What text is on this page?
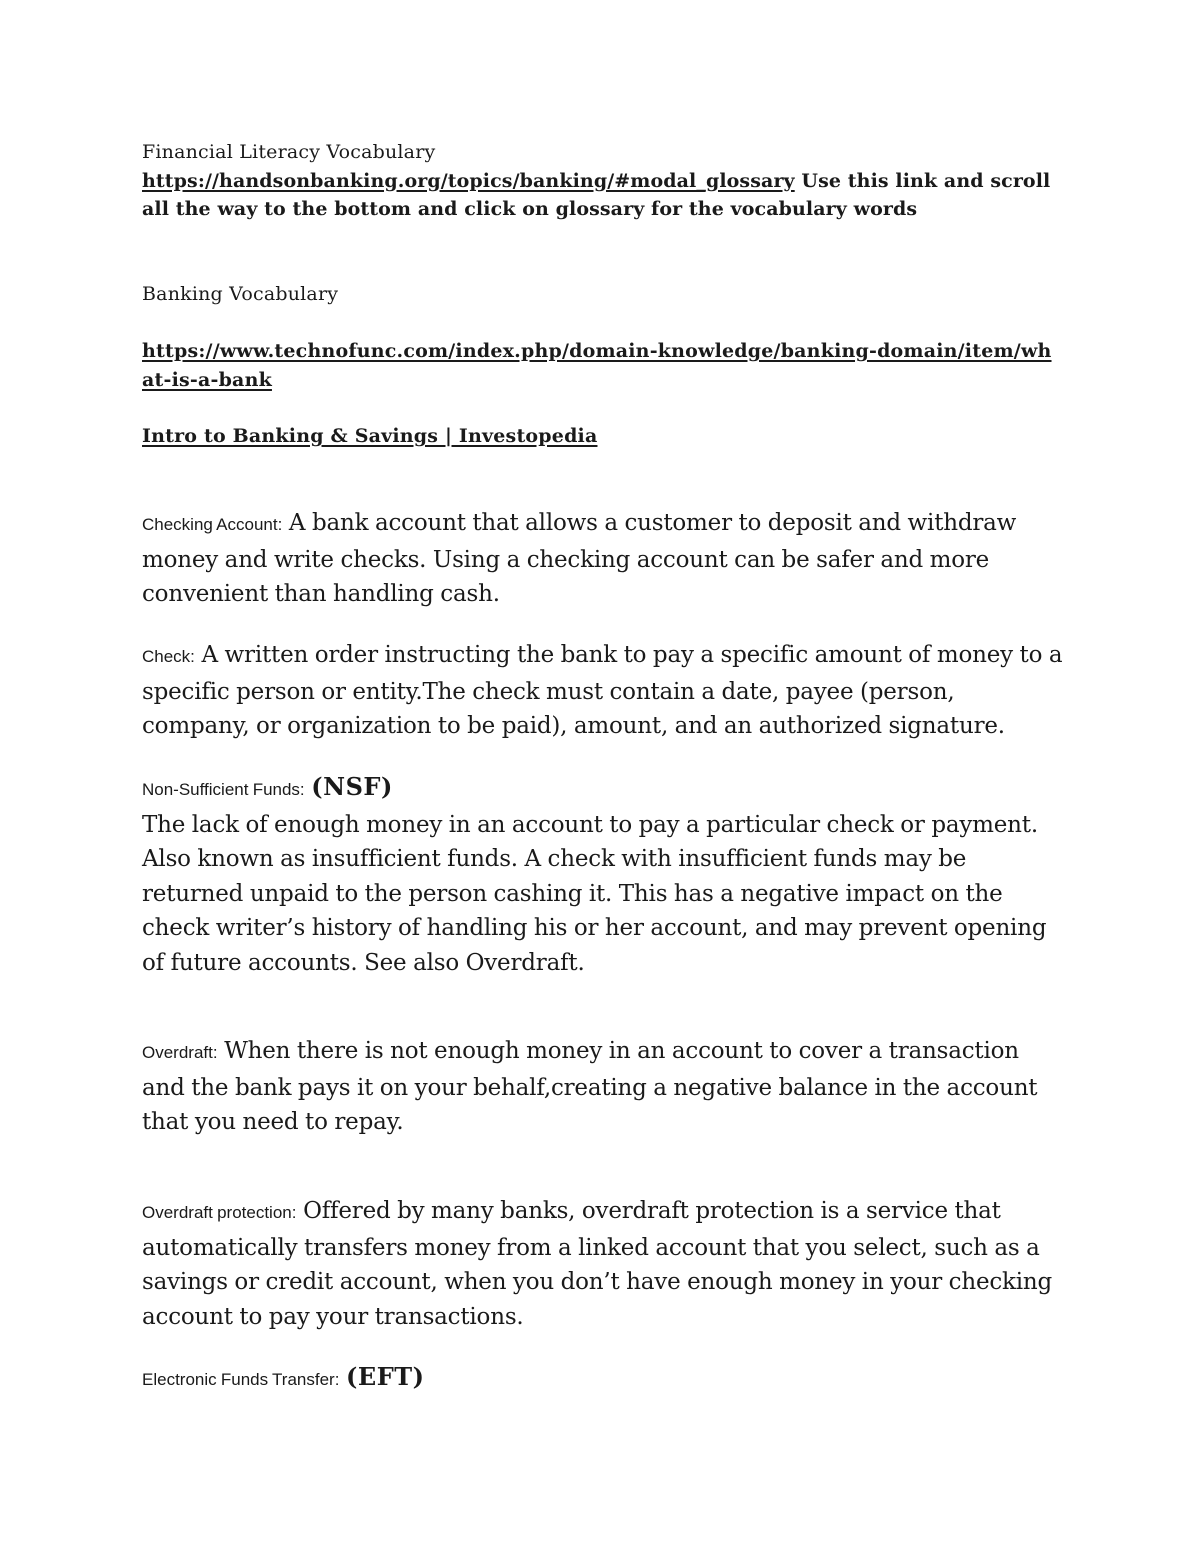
Financial Literacy Vocabulary
https://handsonbanking.org/topics/banking/#modal_glossary Use this link and scroll all the way to the bottom and click on glossary for the vocabulary words
Banking Vocabulary
https://www.technofunc.com/index.php/domain-knowledge/banking-domain/item/what-is-a-bank
Intro to Banking & Savings | Investopedia
Checking Account: A bank account that allows a customer to deposit and withdraw money and write checks. Using a checking account can be safer and more convenient than handling cash.
Check: A written order instructing the bank to pay a specific amount of money to a specific person or entity.The check must contain a date, payee (person, company, or organization to be paid), amount, and an authorized signature.
Non-Sufficient Funds: (NSF)
The lack of enough money in an account to pay a particular check or payment. Also known as insufficient funds. A check with insufficient funds may be returned unpaid to the person cashing it. This has a negative impact on the check writer’s history of handling his or her account, and may prevent opening of future accounts. See also Overdraft.
Overdraft: When there is not enough money in an account to cover a transaction and the bank pays it on your behalf,creating a negative balance in the account that you need to repay.
Overdraft protection: Offered by many banks, overdraft protection is a service that automatically transfers money from a linked account that you select, such as a savings or credit account, when you don’t have enough money in your checking account to pay your transactions.
Electronic Funds Transfer: (EFT)
